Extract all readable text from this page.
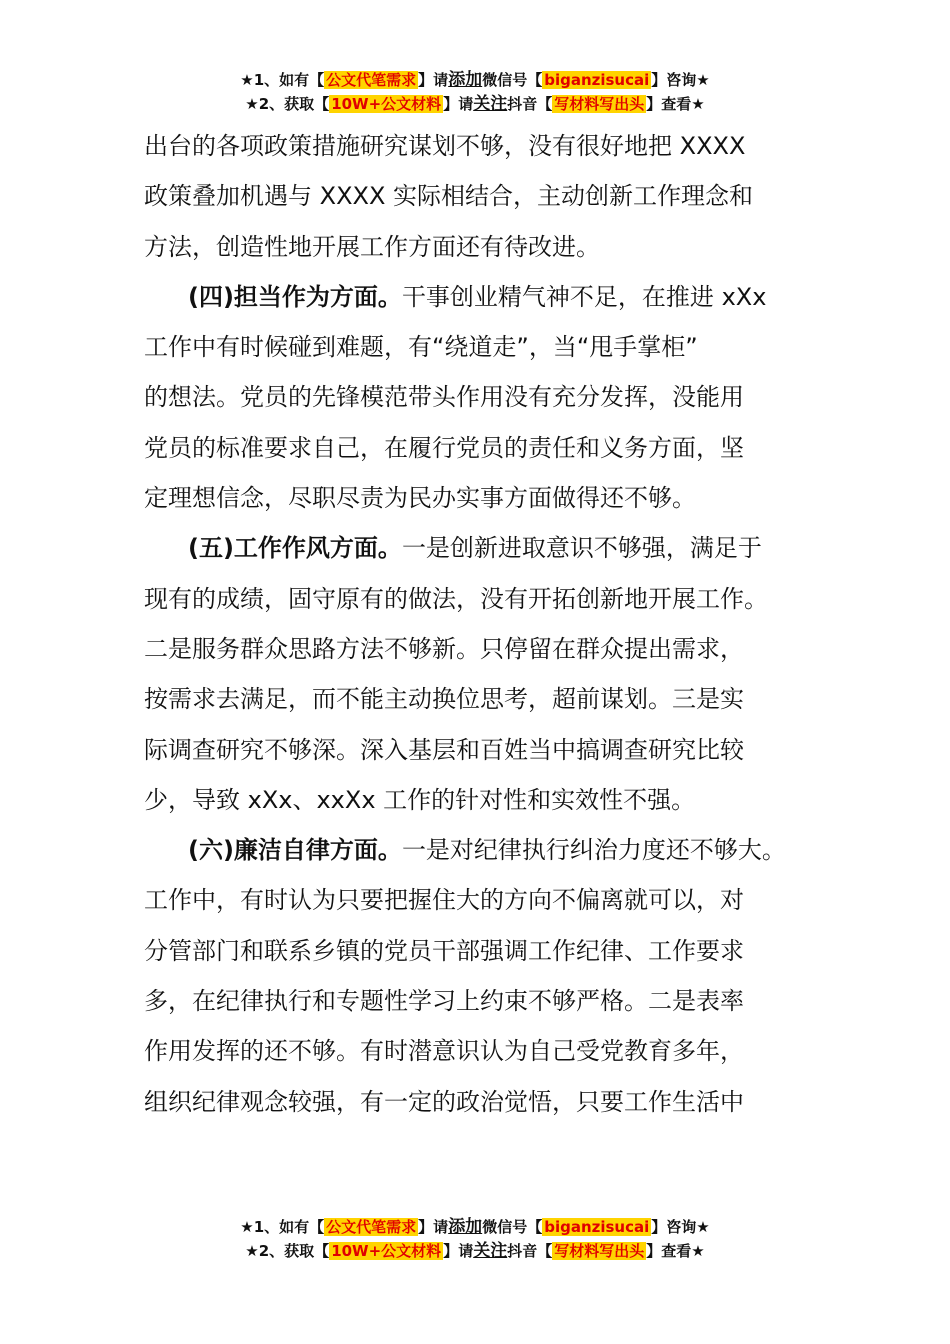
★1、如有【 公文代笔需求 】请添加微信号【 biganzisucai 】咨询★
★2、获取【 10W+公文材料 】请关注抖音【 写材料写出头 】查看★

出台的各项政策措施研究谋划不够，没有很好地把 XXXX

政策叠加机遇与 XXXX 实际相结合，主动创新工作理念和

方法，创造性地开展工作方面还有待改进。

(四)担当作为方面。干事创业精气神不足，在推进 xXx

工作中有时候碰到难题，有“绕道走”，当“甩手掌柜”

的想法。党员的先锋模范带头作用没有充分发挥，没能用

党员的标准要求自己，在履行党员的责任和义务方面，坚

定理想信念，尽职尽责为民办实事方面做得还不够。

(五)工作作风方面。一是创新进取意识不够强，满足于

现有的成绩，固守原有的做法，没有开拓创新地开展工作。

二是服务群众思路方法不够新。只停留在群众提出需求，

按需求去满足，而不能主动换位思考，超前谋划。三是实

际调查研究不够深。深入基层和百姓当中搞调查研究比较

少，导致 xXx、xxXx 工作的针对性和实效性不强。

(六)廉洁自律方面。一是对纪律执行纠治力度还不够大。

工作中，有时认为只要把握住大的方向不偏离就可以，对

分管部门和联系乡镇的党员干部强调工作纪律、工作要求

多，在纪律执行和专题性学习上约束不够严格。二是表率

作用发挥的还不够。有时潜意识认为自己受党教育多年，

组织纪律观念较强，有一定的政治觉悟，只要工作生活中

★1、如有【 公文代笔需求 】请添加微信号【 biganzisucai 】咨询★
★2、获取【 10W+公文材料 】请关注抖音【 写材料写出头 】查看★
